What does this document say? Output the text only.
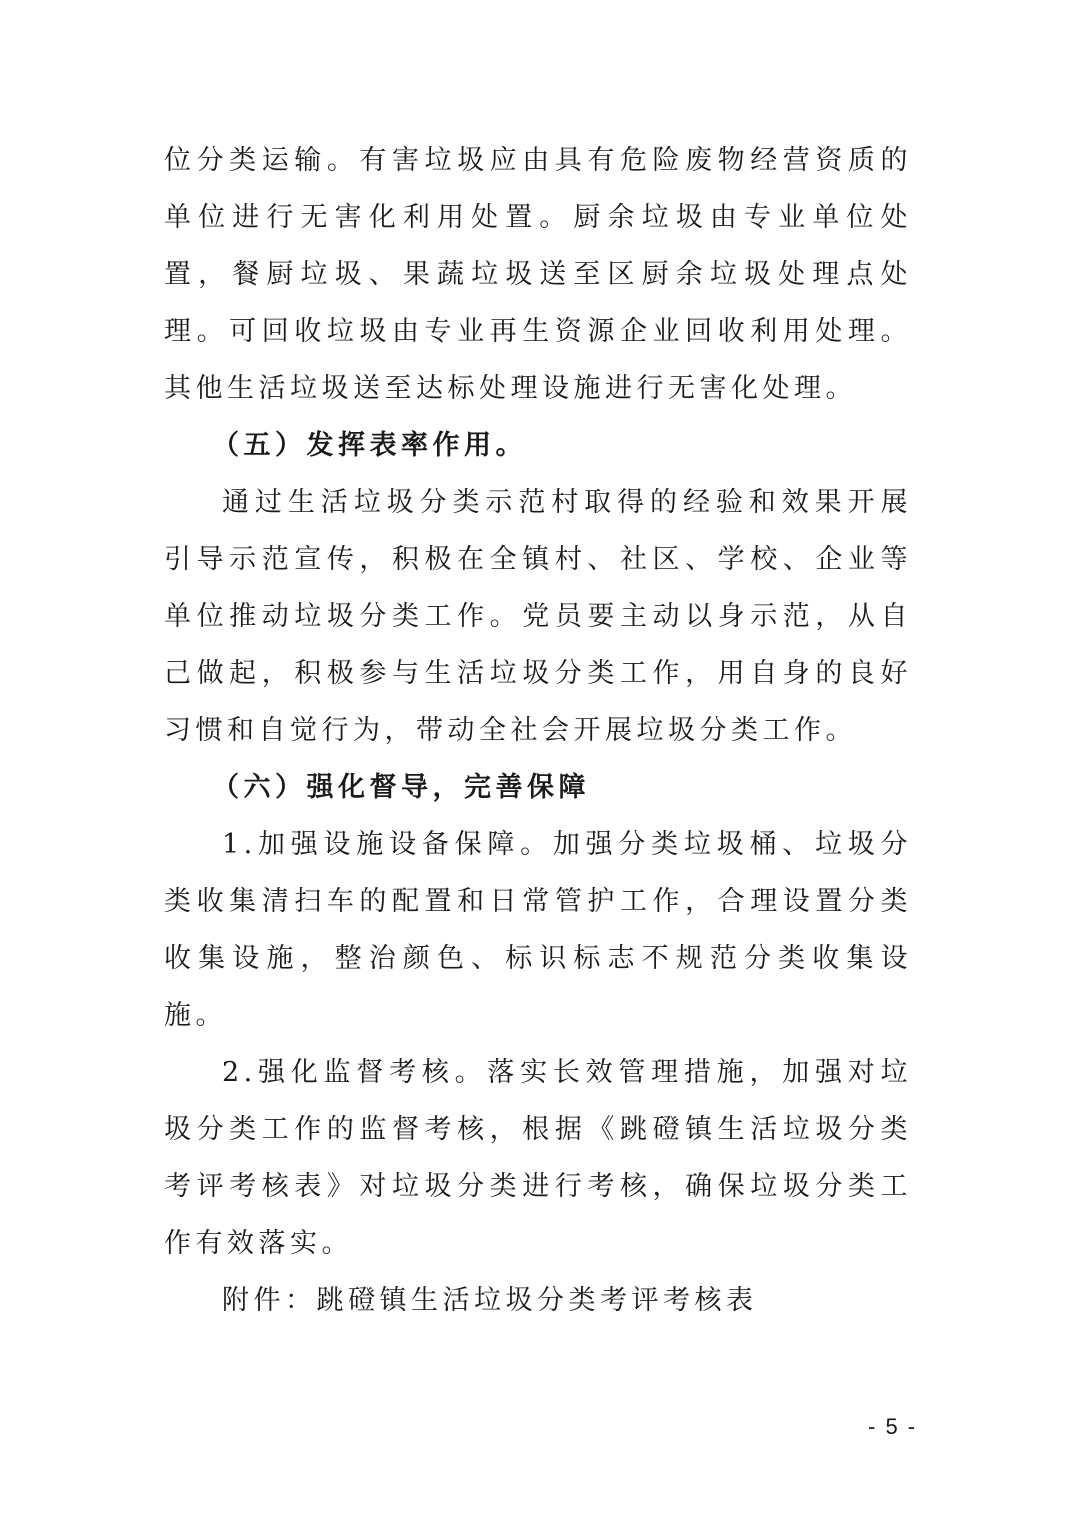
位分类运输。有害垃圾应由具有危险废物经营资质的单位进行无害化利用处置。厨余垃圾由专业单位处置，餐厨垃圾、果蔬垃圾送至区厨余垃圾处理点处理。可回收垃圾由专业再生资源企业回收利用处理。其他生活垃圾送至达标处理设施进行无害化处理。

（五）发挥表率作用。

通过生活垃圾分类示范村取得的经验和效果开展引导示范宣传，积极在全镇村、社区、学校、企业等单位推动垃圾分类工作。党员要主动以身示范，从自己做起，积极参与生活垃圾分类工作，用自身的良好习惯和自觉行为，带动全社会开展垃圾分类工作。

（六）强化督导，完善保障

1.加强设施设备保障。加强分类垃圾桶、垃圾分类收集清扫车的配置和日常管护工作，合理设置分类收集设施，整治颜色、标识标志不规范分类收集设施。

2.强化监督考核。落实长效管理措施，加强对垃圾分类工作的监督考核，根据《跳磴镇生活垃圾分类考评考核表》对垃圾分类进行考核，确保垃圾分类工作有效落实。

附件：跳磴镇生活垃圾分类考评考核表

- 5 -
